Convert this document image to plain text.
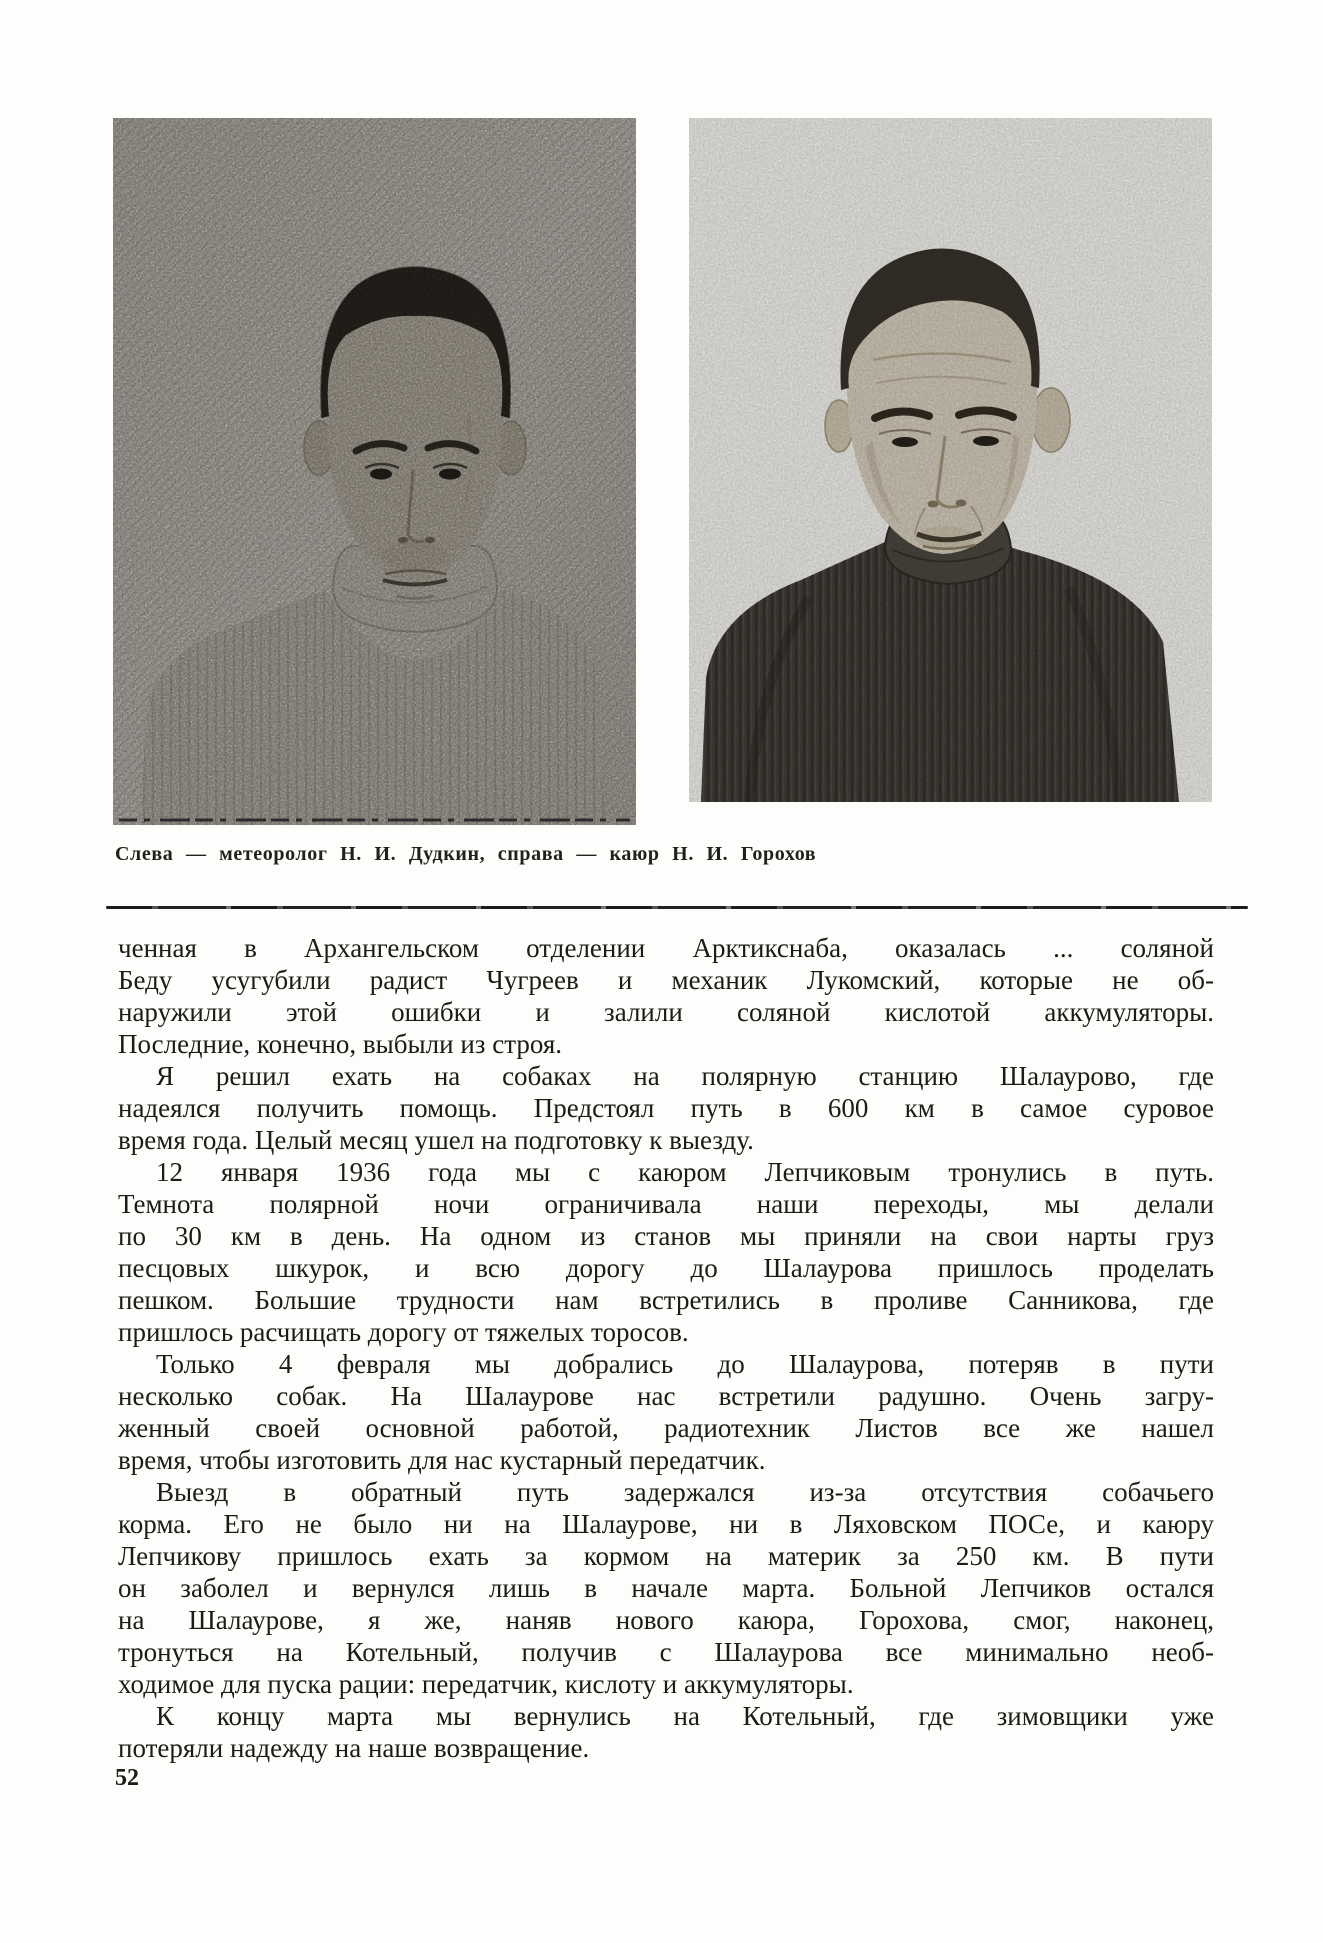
Слева — метеоролог Н. И. Дудкин, справа — каюр Н. И. Горохов
ченная в Архангельском отделении Арктикснаба, оказалась ... соляной
Беду усугубили радист Чугреев и механик Лукомский, которые не об-
наружили этой ошибки и залили соляной кислотой аккумуляторы.
Последние, конечно, выбыли из строя.
Я решил ехать на собаках на полярную станцию Шалаурово, где
надеялся получить помощь. Предстоял путь в 600 км в самое суровое
время года. Целый месяц ушел на подготовку к выезду.
12 января 1936 года мы с каюром Лепчиковым тронулись в путь.
Темнота полярной ночи ограничивала наши переходы, мы делали
по 30 км в день. На одном из станов мы приняли на свои нарты груз
песцовых шкурок, и всю дорогу до Шалаурова пришлось проделать
пешком. Большие трудности нам встретились в проливе Санникова, где
пришлось расчищать дорогу от тяжелых торосов.
Только 4 февраля мы добрались до Шалаурова, потеряв в пути
несколько собак. На Шалаурове нас встретили радушно. Очень загру-
женный своей основной работой, радиотехник Листов все же нашел
время, чтобы изготовить для нас кустарный передатчик.
Выезд в обратный путь задержался из-за отсутствия собачьего
корма. Его не было ни на Шалаурове, ни в Ляховском ПОСе, и каюру
Лепчикову пришлось ехать за кормом на материк за 250 км. В пути
он заболел и вернулся лишь в начале марта. Больной Лепчиков остался
на Шалаурове, я же, наняв нового каюра, Горохова, смог, наконец,
тронуться на Котельный, получив с Шалаурова все минимально необ-
ходимое для пуска рации: передатчик, кислоту и аккумуляторы.
К концу марта мы вернулись на Котельный, где зимовщики уже
потеряли надежду на наше возвращение.
52
